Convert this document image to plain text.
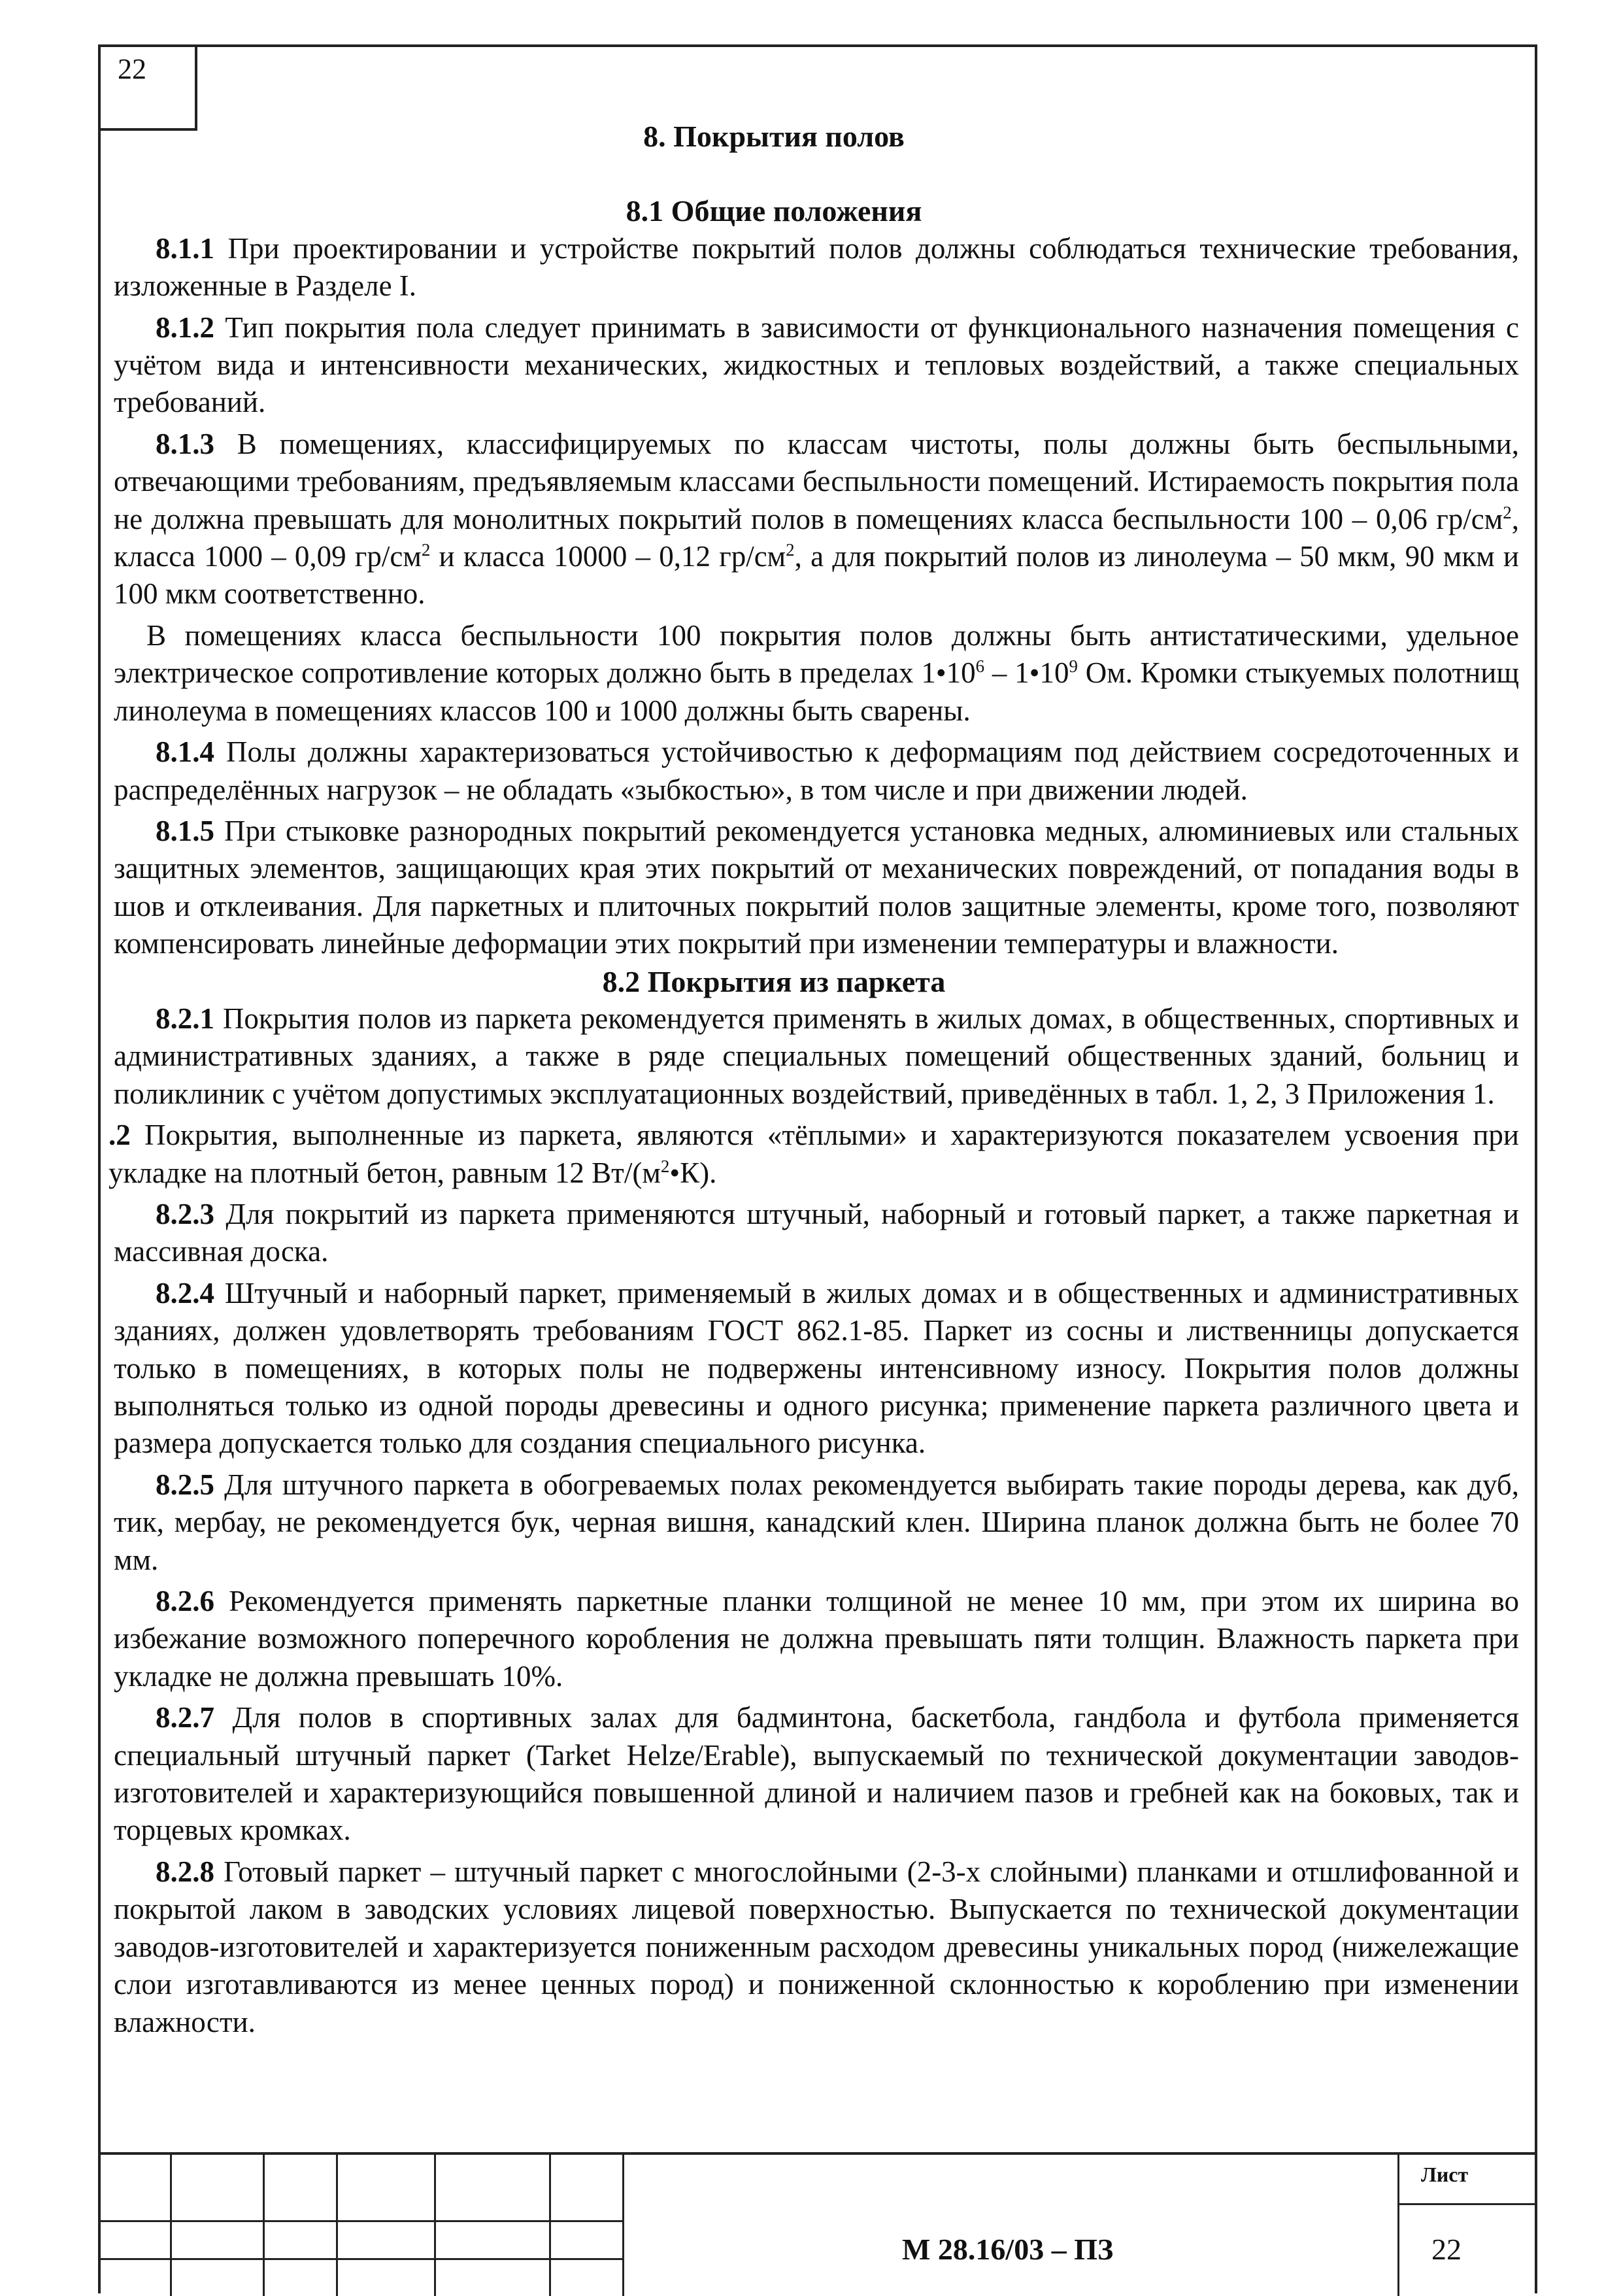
22
8. Покрытия полов
8.1 Общие положения

8.1.1 При проектировании и устройстве покрытий полов должны соблюдаться технические требования, изложенные в Разделе I.

8.1.2 Тип покрытия пола следует принимать в зависимости от функционального назначения помещения с учётом вида и интенсивности механических, жидкостных и тепловых воздействий, а также специальных требований.

8.1.3 В помещениях, классифицируемых по классам чистоты, полы должны быть беспыльными, отвечающими требованиям, предъявляемым классами беспыльности помещений. Истираемость покрытия пола не должна превышать для монолитных покрытий полов в помещениях класса беспыльности 100 – 0,06 $гр/см^2$, класса 1000 – 0,09 $гр/см^2$ и класса 10000 – 0,12 $гр/см^2$, а для покрытий полов из линолеума – 50 мкм, 90 мкм и 100 мкм соответственно.

В помещениях класса беспыльности 100 покрытия полов должны быть антистатическими, удельное электрическое сопротивление которых должно быть в пределах $1•10^6$ – $1•10^9$ Ом. Кромки стыкуемых полотнищ линолеума в помещениях классов 100 и 1000 должны быть сварены.

8.1.4 Полы должны характеризоваться устойчивостью к деформациям под действием сосредоточенных и распределённых нагрузок – не обладать «зыбкостью», в том числе и при движении людей.

8.1.5 При стыковке разнородных покрытий рекомендуется установка медных, алюминиевых или стальных защитных элементов, защищающих края этих покрытий от механических повреждений, от попадания воды в шов и отклеивания. Для паркетных и плиточных покрытий полов защитные элементы, кроме того, позволяют компенсировать линейные деформации этих покрытий при изменении температуры и влажности.

8.2 Покрытия из паркета

8.2.1 Покрытия полов из паркета рекомендуется применять в жилых домах, в общественных, спортивных и административных зданиях, а также в ряде специальных помещений общественных зданий, больниц и поликлиник с учётом допустимых эксплуатационных воздействий, приведённых в табл. 1, 2, 3 Приложения 1.

.2 Покрытия, выполненные из паркета, являются «тёплыми» и характеризуются показателем усвоения при укладке на плотный бетон, равным 12 $Вт/(м^2•К)$.

8.2.3 Для покрытий из паркета применяются штучный, наборный и готовый паркет, а также паркетная и массивная доска.

8.2.4 Штучный и наборный паркет, применяемый в жилых домах и в общественных и административных зданиях, должен удовлетворять требованиям ГОСТ 862.1-85. Паркет из сосны и лиственницы допускается только в помещениях, в которых полы не подвержены интенсивному износу. Покрытия полов должны выполняться только из одной породы древесины и одного рисунка; применение паркета различного цвета и размера допускается только для создания специального рисунка.

8.2.5 Для штучного паркета в обогреваемых полах рекомендуется выбирать такие породы дерева, как дуб, тик, мербау, не рекомендуется бук, черная вишня, канадский клен. Ширина планок должна быть не более 70 мм.

8.2.6 Рекомендуется применять паркетные планки толщиной не менее 10 мм, при этом их ширина во избежание возможного поперечного коробления не должна превышать пяти толщин. Влажность паркета при укладке не должна превышать 10%.

8.2.7 Для полов в спортивных залах для бадминтона, баскетбола, гандбола и футбола применяется специальный штучный паркет (Tarket Helze/Erable), выпускаемый по технической документации заводов-изготовителей и характеризующийся повышенной длиной и наличием пазов и гребней как на боковых, так и торцевых кромках.

8.2.8 Готовый паркет – штучный паркет с многослойными (2-3-х слойными) планками и отшлифованной и покрытой лаком в заводских условиях лицевой поверхностью. Выпускается по технической документации заводов-изготовителей и характеризуется пониженным расходом древесины уникальных пород (нижележащие слои изготавливаются из менее ценных пород) и пониженной склонностью к короблению при изменении влажности.

М 28.16/03 – ПЗ
Лист
22
